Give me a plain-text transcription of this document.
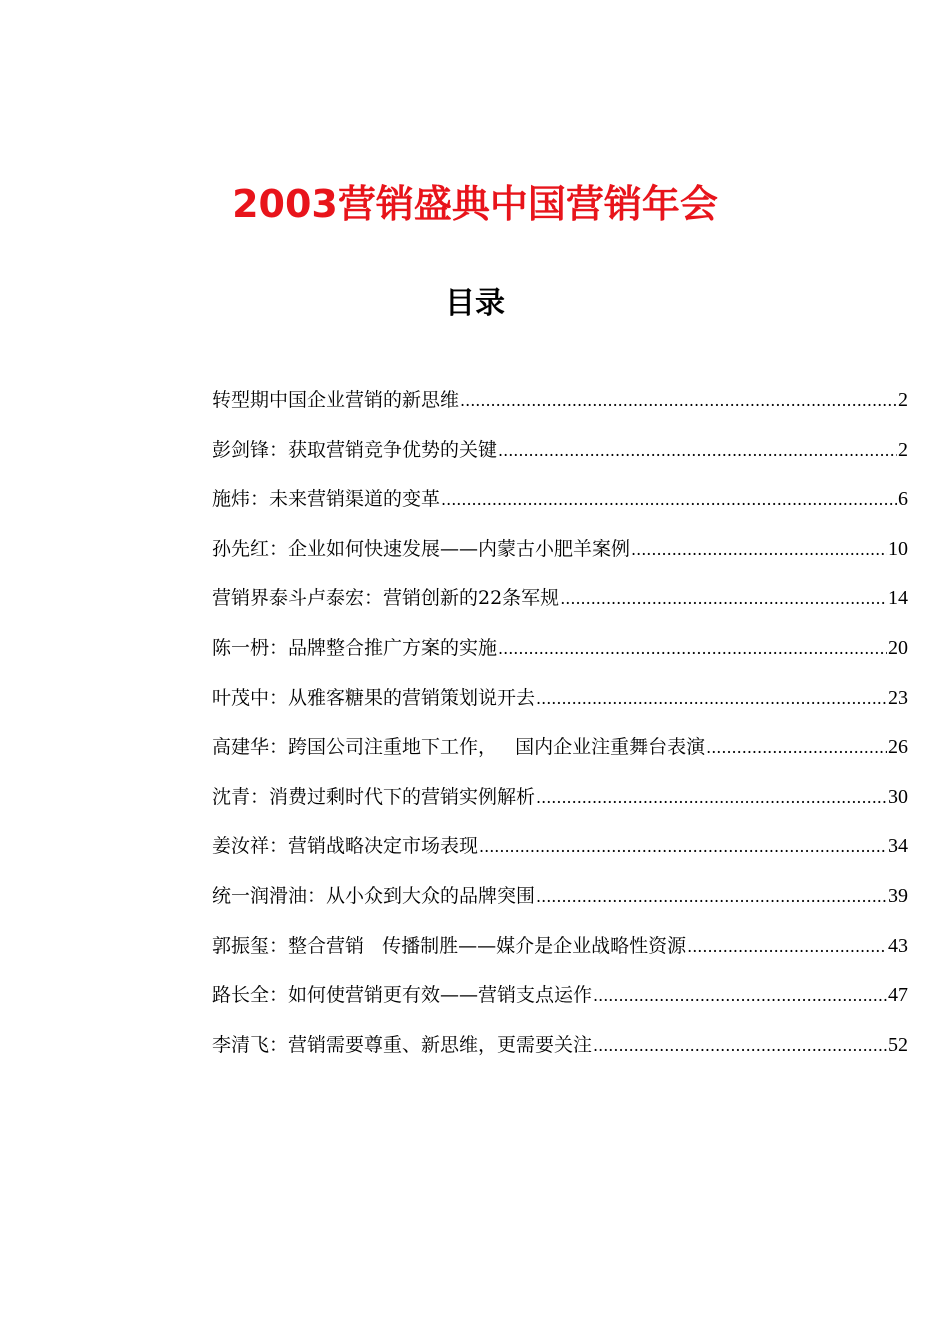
2003营销盛典中国营销年会
目录
转型期中国企业营销的新思维 .....	2
彭剑锋：获取营销竞争优势的关键 .....	2
施炜：未来营销渠道的变革 .....	6
孙先红：企业如何快速发展——内蒙古小肥羊案例 .....	10
营销界泰斗卢泰宏：营销创新的22条军规 .....	14
陈一枬：品牌整合推广方案的实施 .....	20
叶茂中：从雅客糖果的营销策划说开去 .....	23
高建华：跨国公司注重地下工作，   国内企业注重舞台表演 .....	26
沈青：消费过剩时代下的营销实例解析 .....	30
姜汝祥：营销战略决定市场表现 .....	34
统一润滑油：从小众到大众的品牌突围 .....	39
郭振玺：整合营销   传播制胜——媒介是企业战略性资源 .....	43
路长全：如何使营销更有效——营销支点运作 .....	47
李清飞：营销需要尊重、新思维，更需要关注 .....	52
